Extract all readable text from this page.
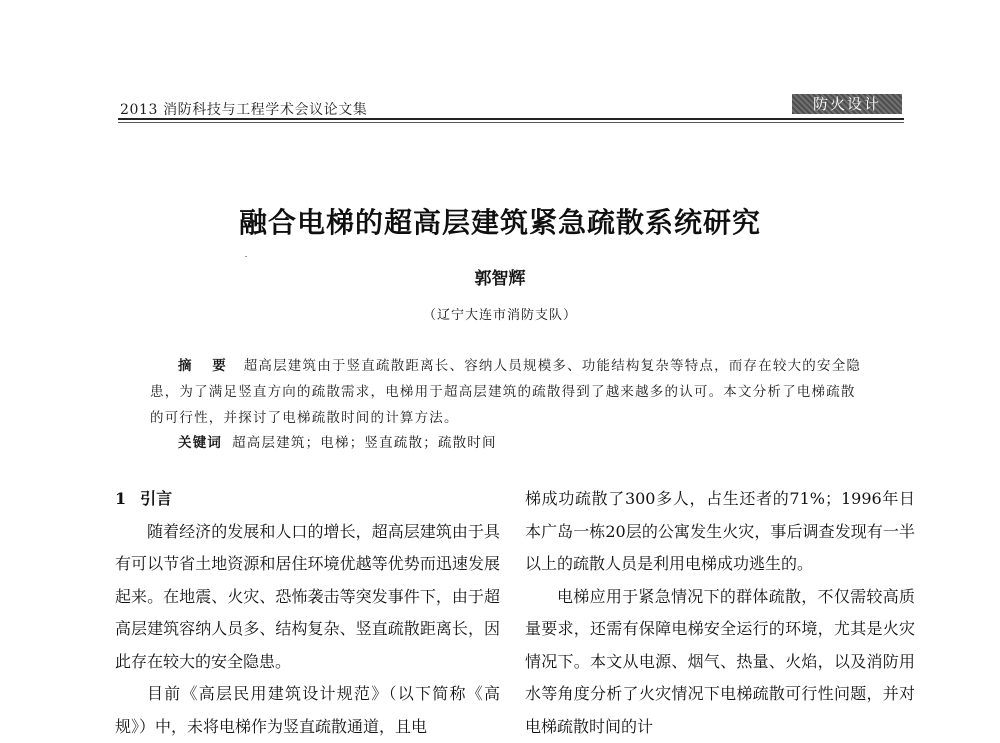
2013 消防科技与工程学术会议论文集	防火设计
融合电梯的超高层建筑紧急疏散系统研究
郭智辉
（辽宁大连市消防支队）
摘 要 超高层建筑由于竖直疏散距离长、容纳人员规模多、功能结构复杂等特点，而存在较大的安全隐患，为了满足竖直方向的疏散需求，电梯用于超高层建筑的疏散得到了越来越多的认可。本文分析了电梯疏散的可行性，并探讨了电梯疏散时间的计算方法。
关键词 超高层建筑；电梯；竖直疏散；疏散时间
1 引言

随着经济的发展和人口的增长，超高层建筑由于具有可以节省土地资源和居住环境优越等优势而迅速发展起来。在地震、火灾、恐怖袭击等突发事件下，由于超高层建筑容纳人员多、结构复杂、竖直疏散距离长，因此存在较大的安全隐患。

目前《高层民用建筑设计规范》（以下简称《高规》）中，未将电梯作为竖直疏散通道，且电

梯成功疏散了300多人，占生还者的71%；1996年日本广岛一栋20层的公寓发生火灾，事后调查发现有一半以上的疏散人员是利用电梯成功逃生的。

电梯应用于紧急情况下的群体疏散，不仅需较高质量要求，还需有保障电梯安全运行的环境，尤其是火灾情况下。本文从电源、烟气、热量、火焰，以及消防用水等角度分析了火灾情况下电梯疏散可行性问题，并对电梯疏散时间的计
